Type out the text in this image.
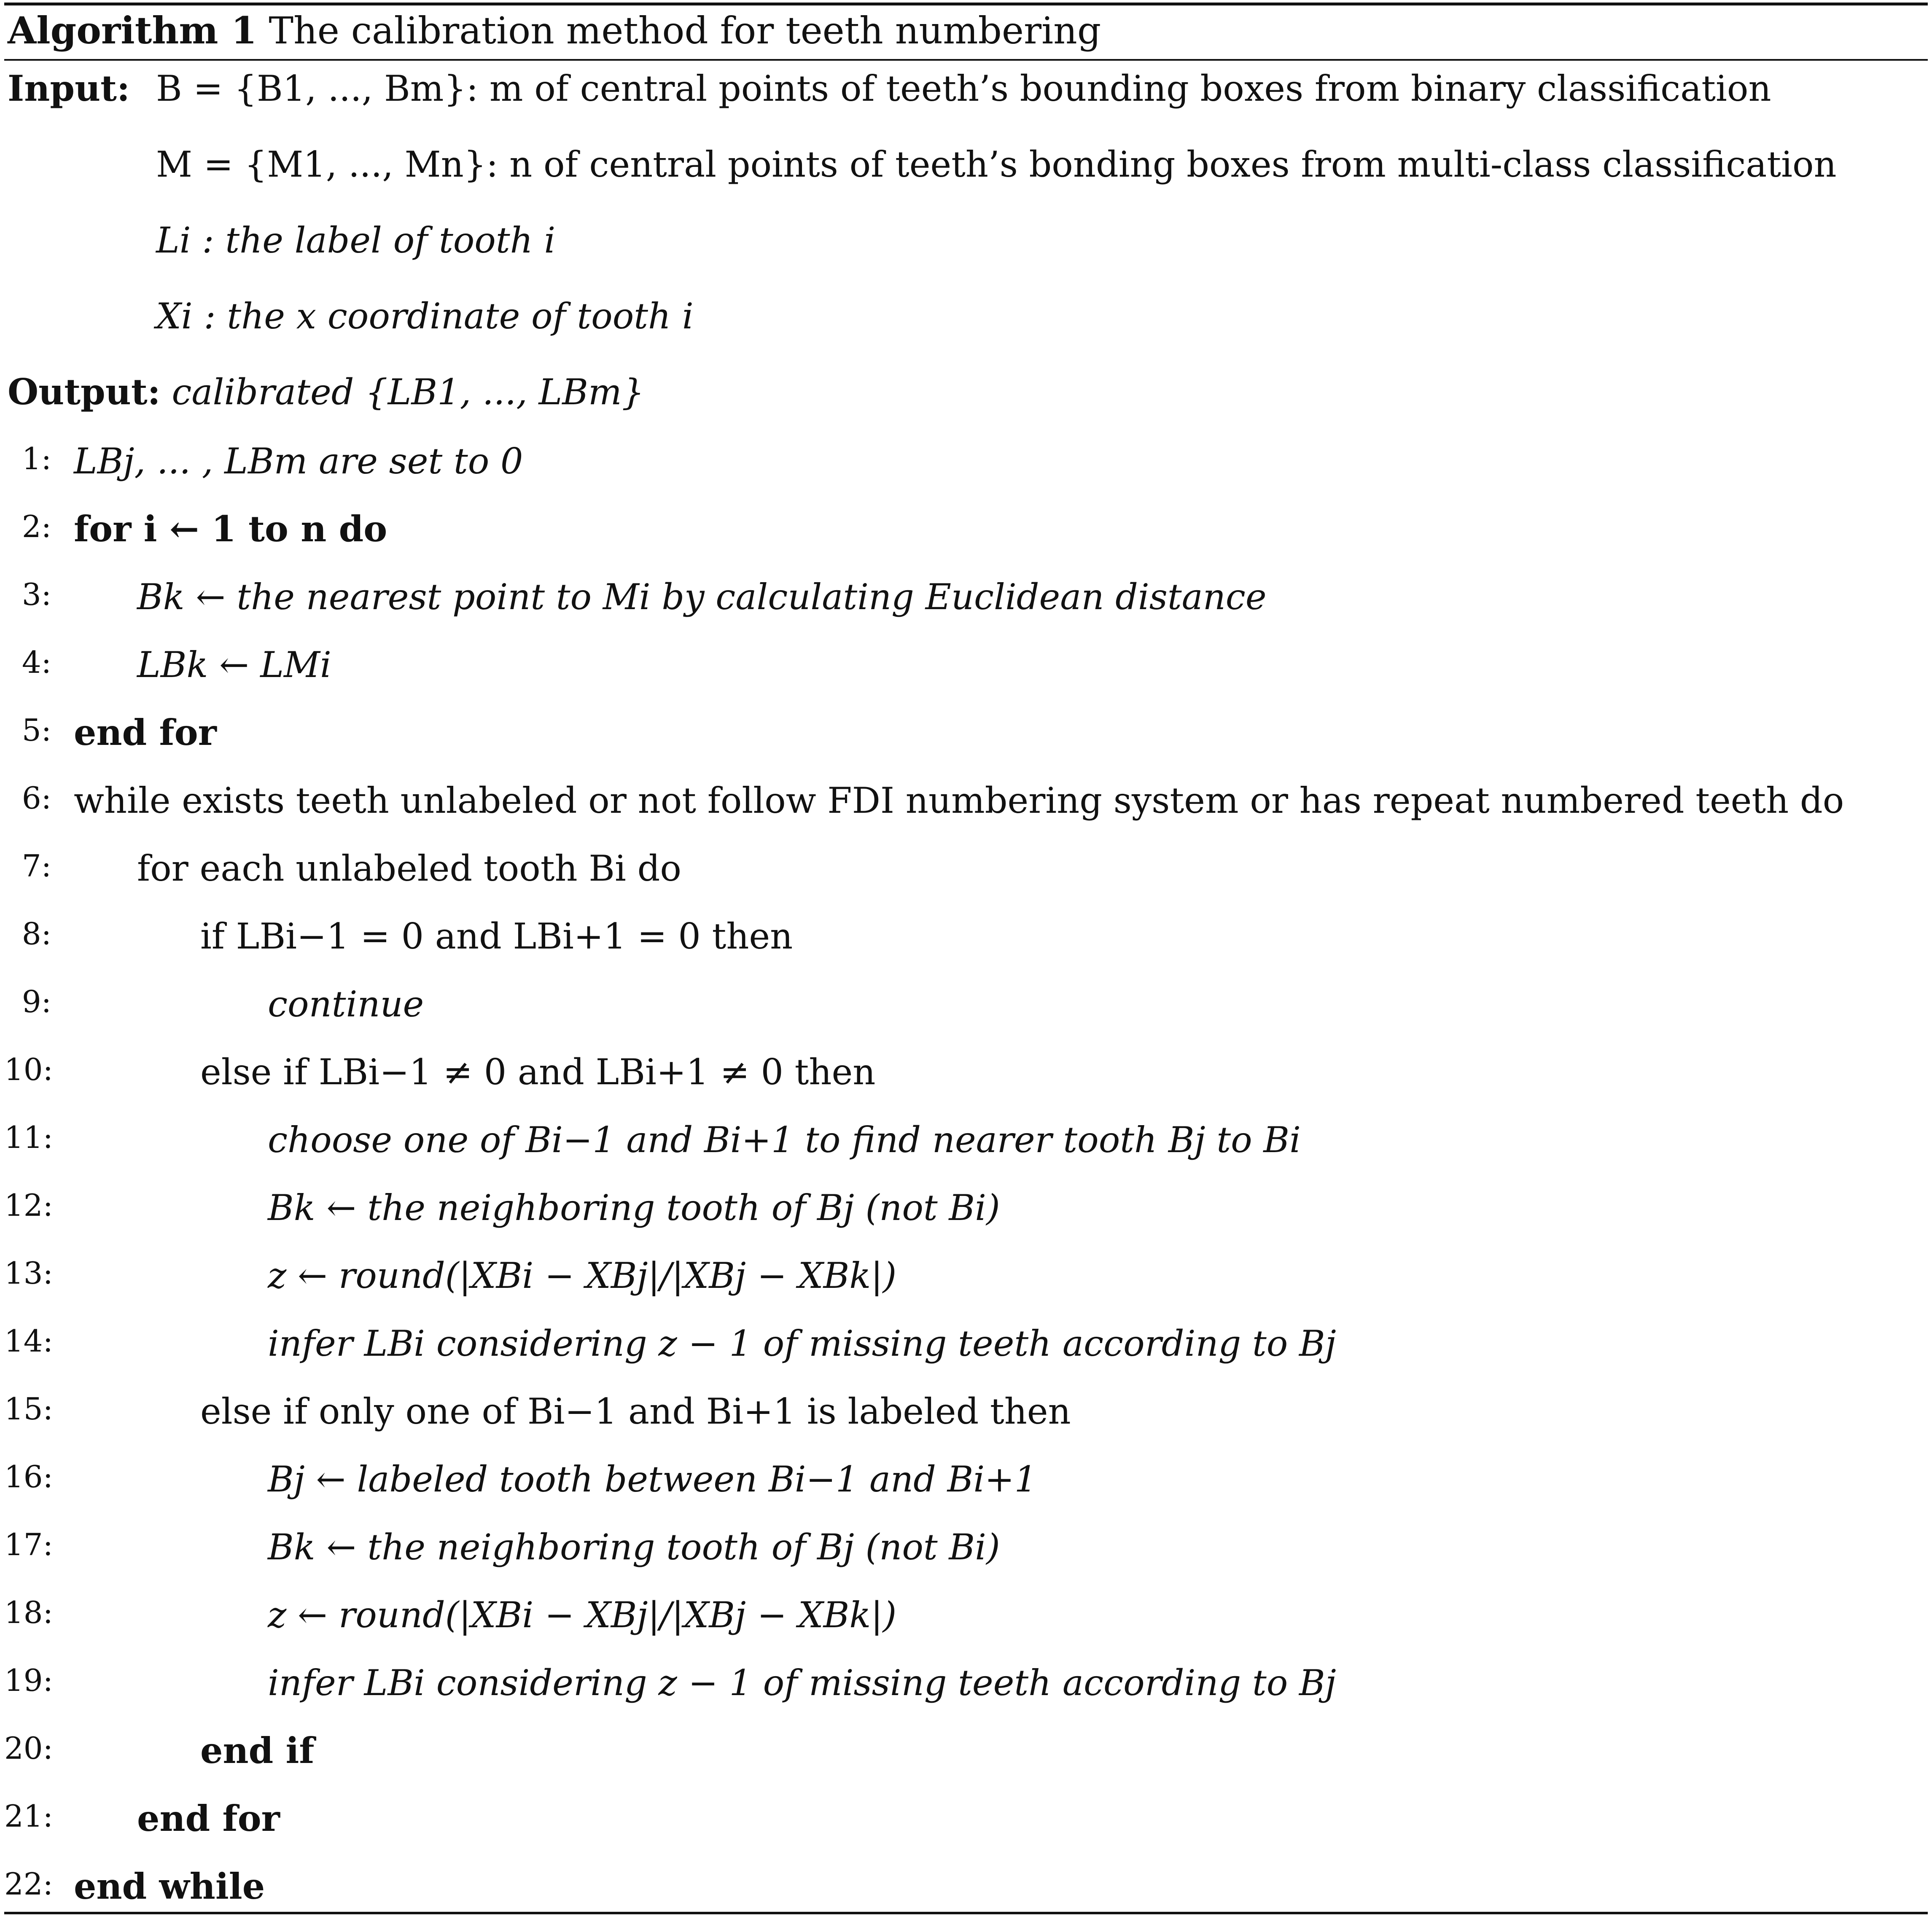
Algorithm 1 The calibration method for teeth numbering
Input: B = {B1, ..., Bm}: m of central points of teeth’s bounding boxes from binary classification
M = {M1, ..., Mn}: n of central points of teeth’s bonding boxes from multi-class classification
Li : the label of tooth i
Xi : the x coordinate of tooth i
Output: calibrated {LB1, ..., LBm}
1: LBj, ... , LBm are set to 0
2: for i ← 1 to n do
3: Bk ← the nearest point to Mi by calculating Euclidean distance
4: LBk ← LMi
5: end for
6: while exists teeth unlabeled or not follow FDI numbering system or has repeat numbered teeth do
7: for each unlabeled tooth Bi do
8:	if LBi−1 = 0 and LBi+1 = 0 then
9:	continue
10:	else if LBi−1 ≠ 0 and LBi+1 ≠ 0 then
11:	choose one of Bi−1 and Bi+1 to find nearer tooth Bj to Bi
12:	Bk ← the neighboring tooth of Bj (not Bi)
13:	z ← round(|XBi − XBj|/|XBj − XBk|)
14:	infer LBi considering z − 1 of missing teeth according to Bj
15:	else if only one of Bi−1 and Bi+1 is labeled then
16:	Bj ← labeled tooth between Bi−1 and Bi+1
17:	Bk ← the neighboring tooth of Bj (not Bi)
18:	z ← round(|XBi − XBj|/|XBj − XBk|)
19:	infer LBi considering z − 1 of missing teeth according to Bj
20:	end if
21: end for
22: end while
